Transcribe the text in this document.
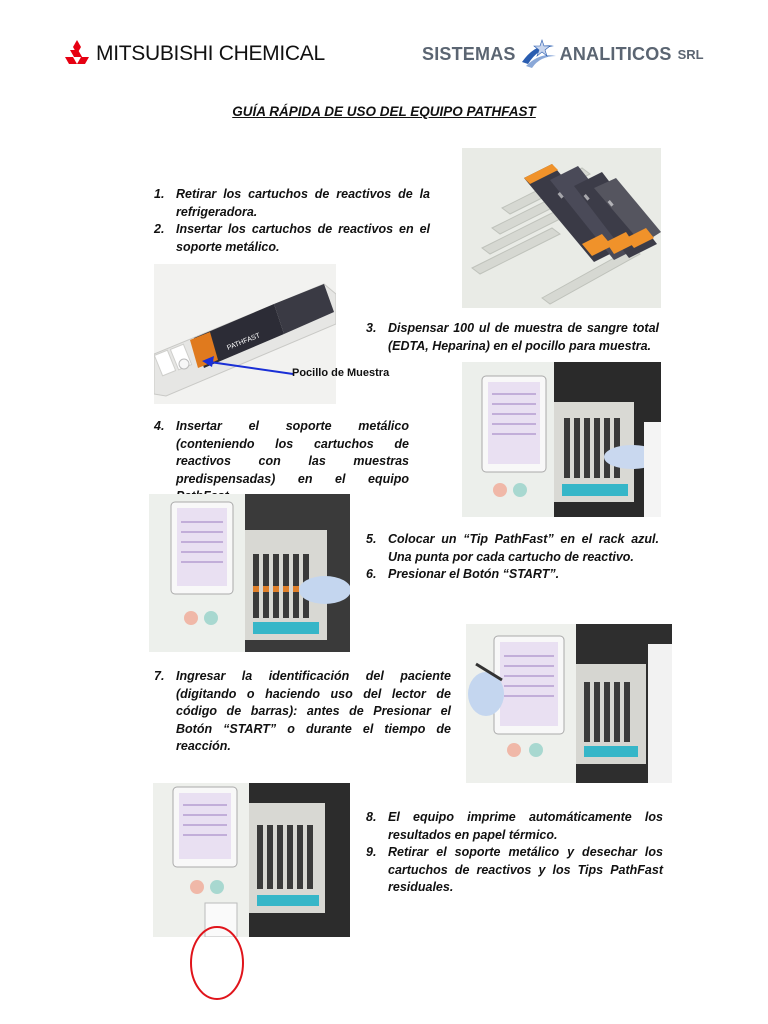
MITSUBISHI CHEMICAL	SISTEMAS ANALITICOS SRL
GUÍA RÁPIDA DE USO DEL EQUIPO PATHFAST
1. Retirar los cartuchos de reactivos de la refrigeradora.
2. Insertar los cartuchos de reactivos en el soporte metálico.
PATHFAST
Pocillo de Muestra
3. Dispensar 100 ul de muestra de sangre total (EDTA, Heparina) en el pocillo para muestra.
4. Insertar el soporte metálico (conteniendo los cartuchos de reactivos con las muestras predispensadas) en el equipo
5. Colocar un “Tip PathFast” en el rack azul. Una punta por cada cartucho de reactivo.
6. Presionar el Botón “START”.
7. Ingresar la identificación del paciente (digitando o haciendo uso del lector de código de barras): antes de Presionar el Botón “START” o durante el tiempo de reacción.
8. El equipo imprime automáticamente los resultados en papel térmico.
9. Retirar el soporte metálico y desechar los cartuchos de reactivos y los Tips PathFast residuales.
